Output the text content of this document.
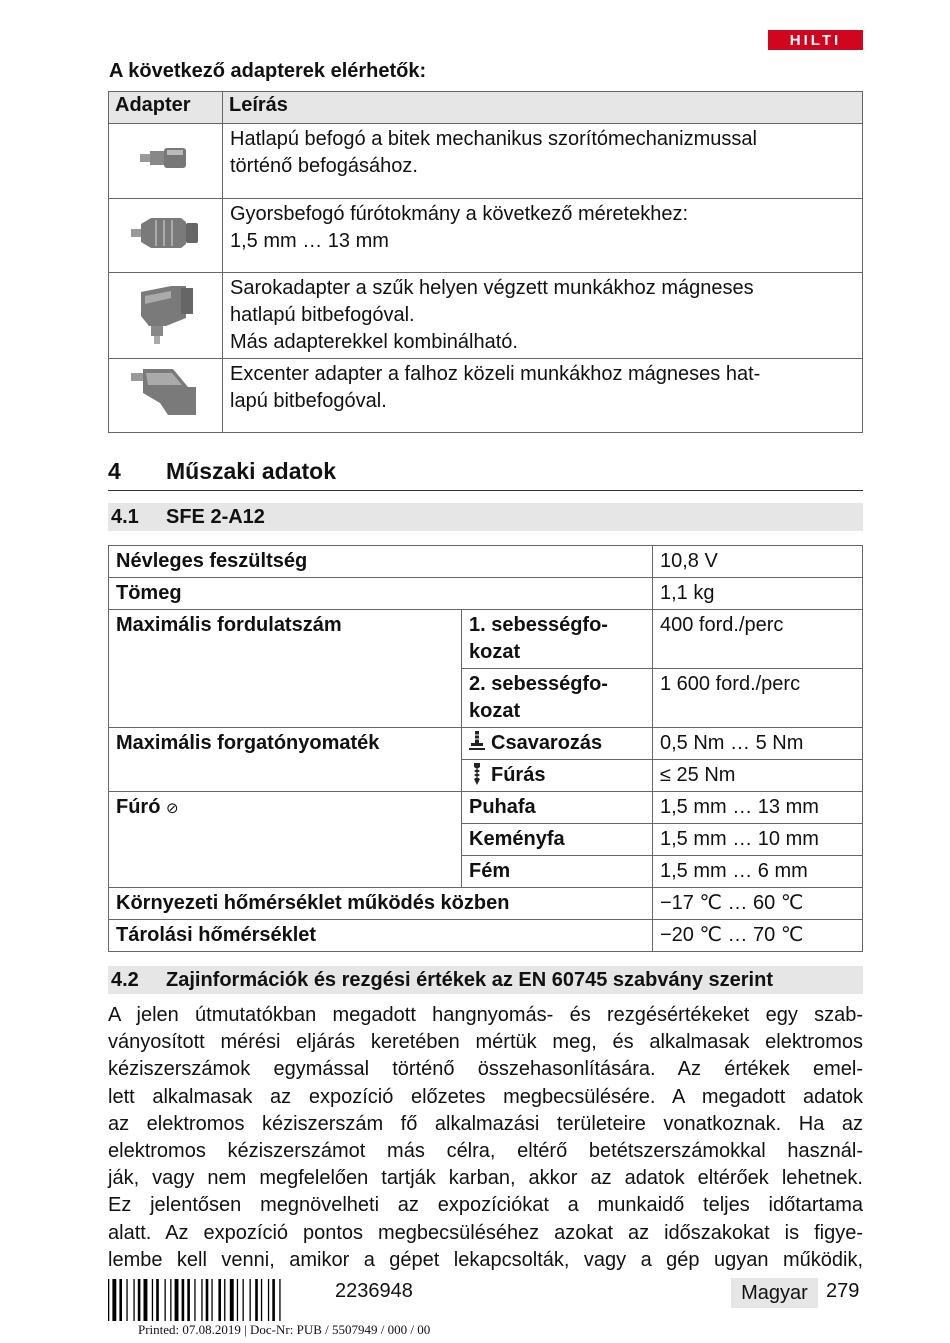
HILTI
A következő adapterek elérhetők:
Adapter	Leírás

Hatlapú befogó a bitek mechanikus szorítómechanizmussal
történő befogásához.

Gyorsbefogó fúrótokmány a következő méretekhez:
1,5 mm … 13 mm

Sarokadapter a szűk helyen végzett munkákhoz mágneses
hatlapú bitbefogóval.
Más adapterekkel kombinálható.

Excenter adapter a falhoz közeli munkákhoz mágneses hat-
lapú bitbefogóval.
4 Műszaki adatok
4.1 SFE 2-A12
Névleges feszültség		10,8 V
Tömeg		1,1 kg
Maximális fordulatszám	1. sebességfo- kozat	400 ford./perc
	2. sebességfo- kozat	1 600 ford./perc
Maximális forgatónyomaték	Csavarozás	0,5 Nm … 5 Nm
	Fúrás	≤ 25 Nm
Fúró ⊘	Puhafa	1,5 mm … 13 mm
	Keményfa	1,5 mm … 10 mm
	Fém	1,5 mm … 6 mm
Környezeti hőmérséklet működés közben		−17 ℃ … 60 ℃
Tárolási hőmérséklet		−20 ℃ … 70 ℃
4.2 Zajinformációk és rezgési értékek az EN 60745 szabvány szerint
A jelen útmutatókban megadott hangnyomás- és rezgésértékeket egy szab-
ványosított mérési eljárás keretében mértük meg, és alkalmasak elektromos
kéziszerszámok egymással történő összehasonlítására. Az értékek emel-
lett alkalmasak az expozíció előzetes megbecsülésére. A megadott adatok
az elektromos kéziszerszám fő alkalmazási területeire vonatkoznak. Ha az
elektromos kéziszerszámot más célra, eltérő betétszerszámokkal használ-
ják, vagy nem megfelelően tartják karban, akkor az adatok eltérőek lehetnek.
Ez jelentősen megnövelheti az expozíciókat a munkaidő teljes időtartama
alatt. Az expozíció pontos megbecsüléséhez azokat az időszakokat is figye-
lembe kell venni, amikor a gépet lekapcsolták, vagy a gép ugyan működik,
2236948	Magyar 279
Printed: 07.08.2019 | Doc-Nr: PUB / 5507949 / 000 / 00
